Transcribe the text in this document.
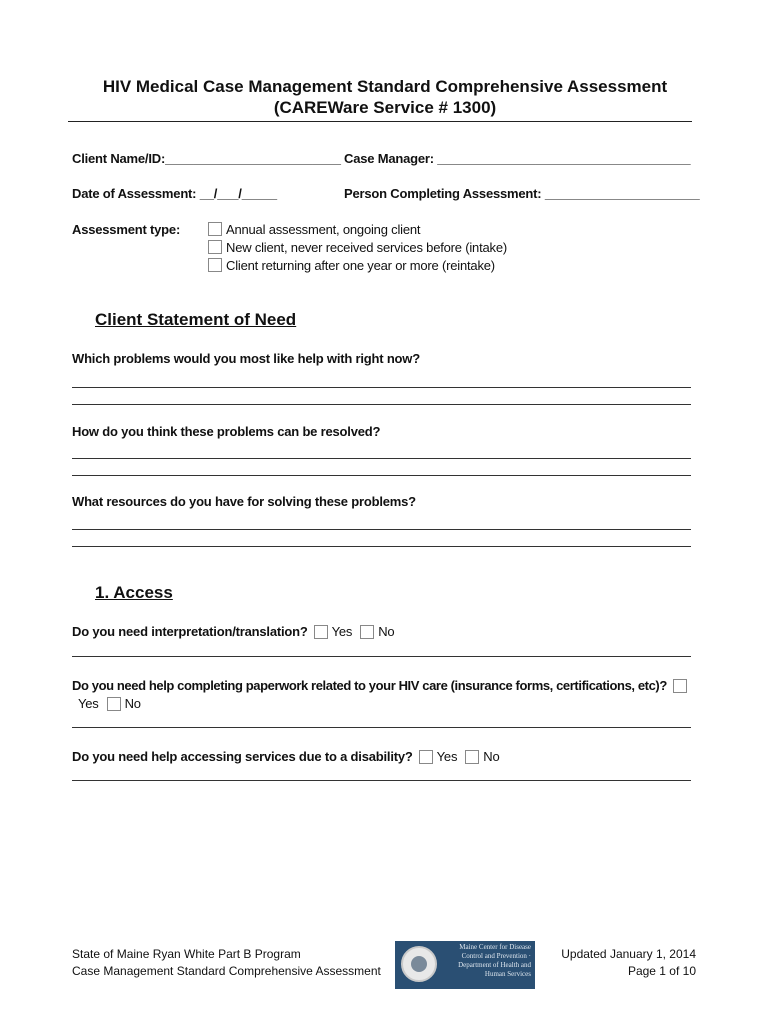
HIV Medical Case Management Standard Comprehensive Assessment
(CAREWare Service # 1300)
Client Name/ID:_________________________ Case Manager: ____________________________________
Date of Assessment: __/___/_____	Person Completing Assessment: ______________________
Assessment type:	Annual assessment, ongoing client
New client, never received services before (intake)
Client returning after one year or more (reintake)
Client Statement of Need
Which problems would you most like help with right now?
How do you think these problems can be resolved?
What resources do you have for solving these problems?
1. Access
Do you need interpretation/translation? Yes No
Do you need help completing paperwork related to your HIV care (insurance forms, certifications, etc)?
Yes No
Do you need help accessing services due to a disability? Yes No
State of Maine Ryan White Part B Program
Case Management Standard Comprehensive Assessment
Maine Center for Disease Control and Prevention · Department of Health and Human Services
Updated January 1, 2014
Page 1 of 10
